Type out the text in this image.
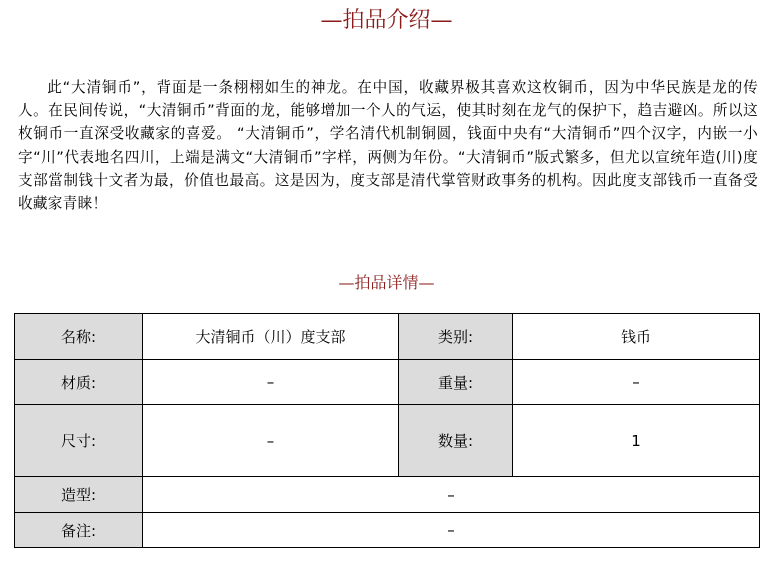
—拍品介绍—

此“大清铜币”，背面是一条栩栩如生的神龙。在中国，收藏界极其喜欢这枚铜币，因为中华民族是龙的传人。在民间传说，“大清铜币”背面的龙，能够增加一个人的气运，使其时刻在龙气的保护下，趋吉避凶。所以这枚铜币一直深受收藏家的喜爱。 “大清铜币”，学名清代机制铜圆，钱面中央有“大清铜币”四个汉字，内嵌一小字“川”代表地名四川，上端是满文“大清铜币”字样，两侧为年份。“大清铜币”版式繁多，但尤以宣统年造(川)度支部當制钱十文者为最，价值也最高。这是因为，度支部是清代掌管财政事务的机构。因此度支部钱币一直备受收藏家青睐！

—拍品详情—
名称:	大清铜币（川）度支部	类别:	钱币
材质:	–	重量:	–
尺寸:	–	数量:	1
造型:	–		
备注:	–		
